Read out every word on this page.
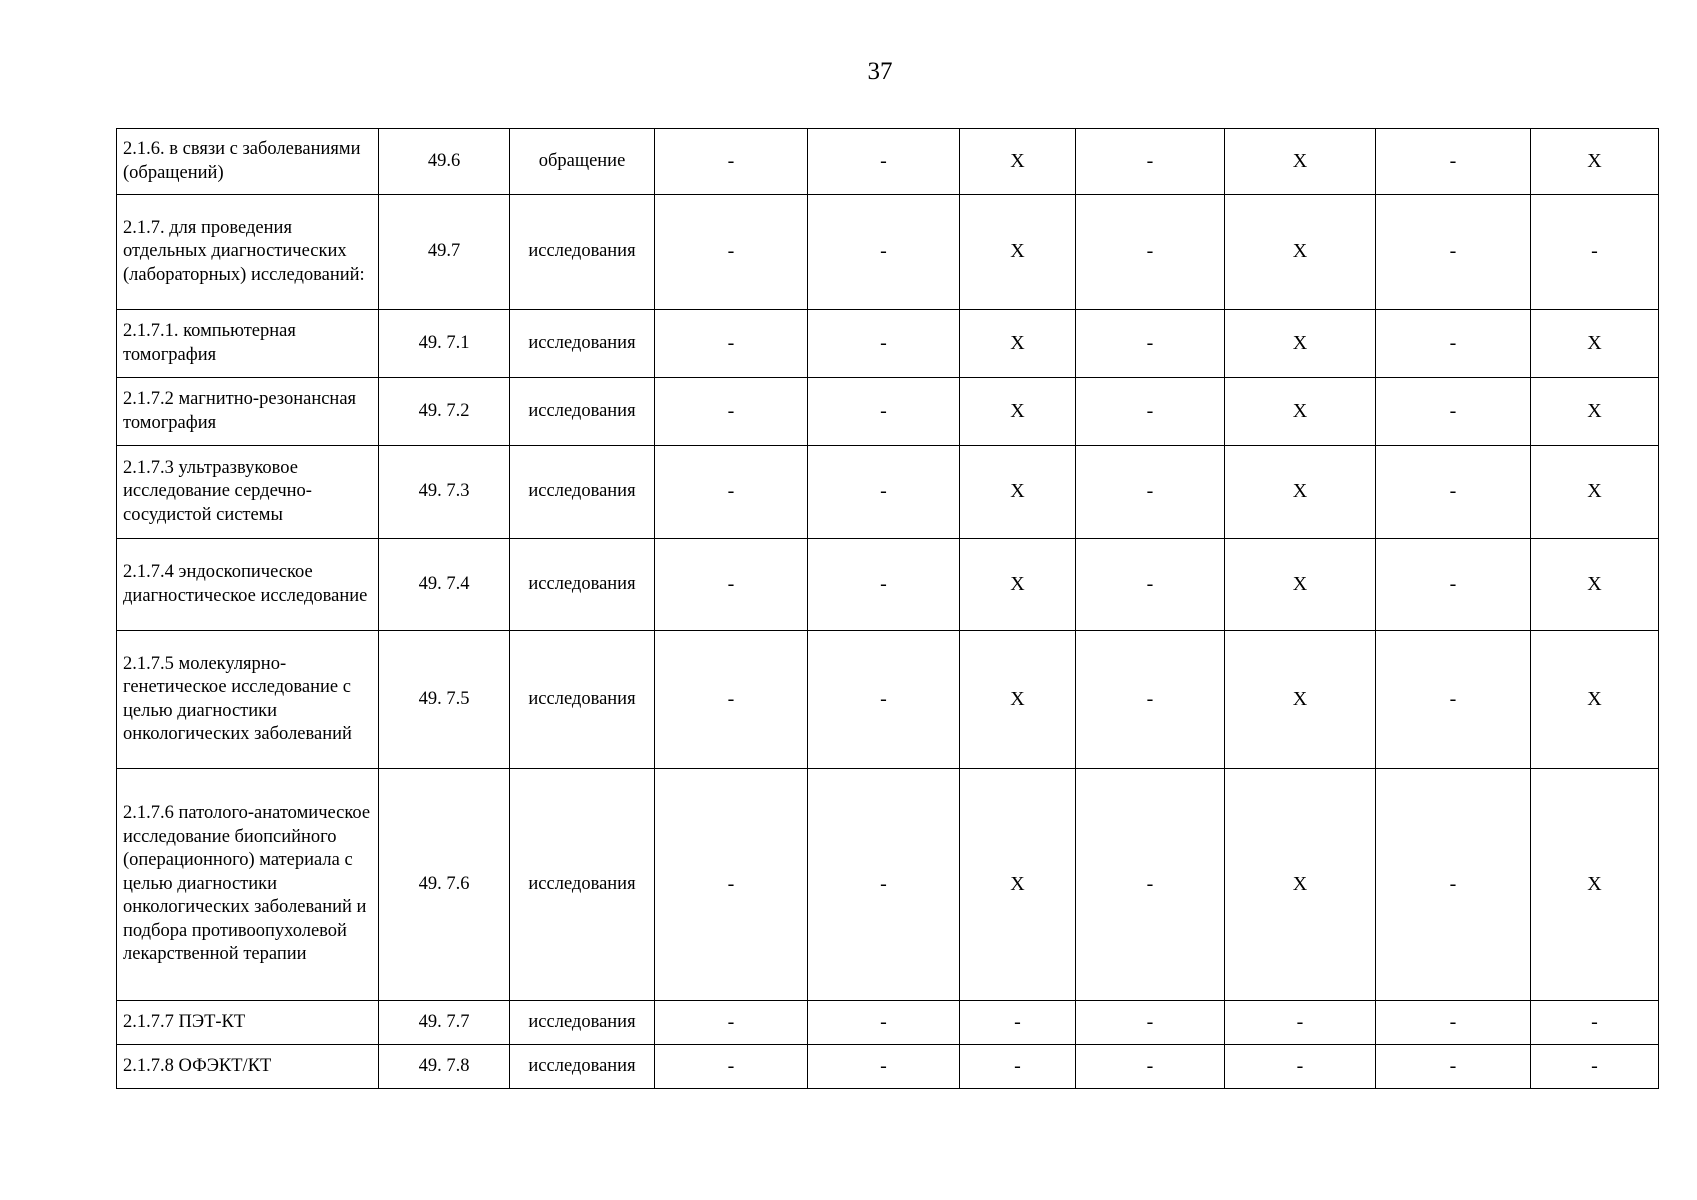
37
2.1.6. в связи с заболеваниями (обращений)	49.6	обращение	-	-	X	-	X	-	X
2.1.7. для проведения отдельных диагностических (лабораторных) исследований:	49.7	исследования	-	-	X	-	X	-	-
2.1.7.1. компьютерная томография	49. 7.1	исследования	-	-	X	-	X	-	X
2.1.7.2 магнитно-резонансная томография	49. 7.2	исследования	-	-	X	-	X	-	X
2.1.7.3 ультразвуковое исследование сердечно-сосудистой системы	49. 7.3	исследования	-	-	X	-	X	-	X
2.1.7.4 эндоскопическое диагностическое исследование	49. 7.4	исследования	-	-	X	-	X	-	X
2.1.7.5 молекулярно-генетическое исследование с целью диагностики онкологических заболеваний	49. 7.5	исследования	-	-	X	-	X	-	X
2.1.7.6 патолого-анатомическое исследование биопсийного (операционного) материала с целью диагностики онкологических заболеваний и подбора противоопухолевой лекарственной терапии	49. 7.6	исследования	-	-	X	-	X	-	X
2.1.7.7 ПЭТ-КТ	49. 7.7	исследования	-	-	-	-	-	-	-
2.1.7.8 ОФЭКТ/КТ	49. 7.8	исследования	-	-	-	-	-	-	-
